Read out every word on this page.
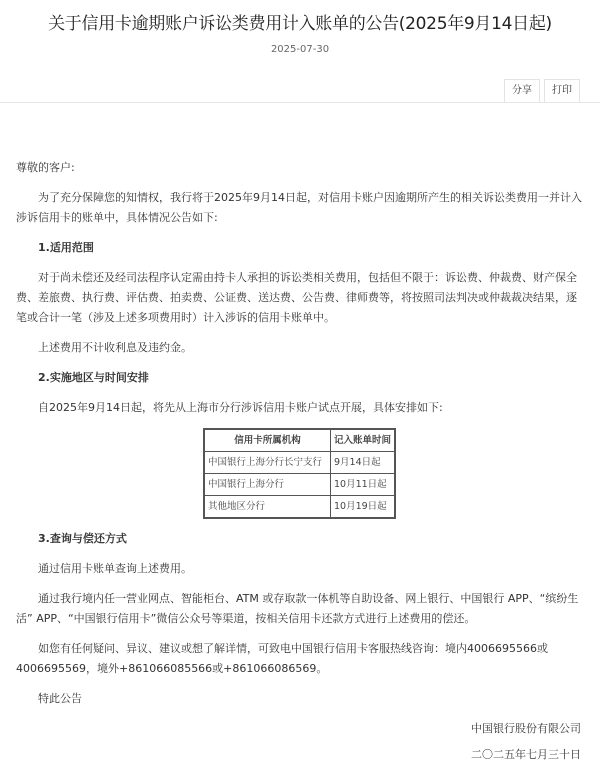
关于信用卡逾期账户诉讼类费用计入账单的公告(2025年9月14日起)
2025-07-30
分享	打印

尊敬的客户:

为了充分保障您的知情权，我行将于2025年9月14日起，对信用卡账户因逾期所产生的相关诉讼类费用一并计入涉诉信用卡的账单中，具体情况公告如下:

1.适用范围

对于尚未偿还及经司法程序认定需由持卡人承担的诉讼类相关费用，包括但不限于：诉讼费、仲裁费、财产保全费、差旅费、执行费、评估费、拍卖费、公证费、送达费、公告费、律师费等，将按照司法判决或仲裁裁决结果，逐笔或合计一笔（涉及上述多项费用时）计入涉诉的信用卡账单中。

上述费用不计收利息及违约金。

2.实施地区与时间安排

自2025年9月14日起，将先从上海市分行涉诉信用卡账户试点开展，具体安排如下:

信用卡所属机构	记入账单时间
中国银行上海分行长宁支行	9月14日起
中国银行上海分行	10月11日起
其他地区分行	10月19日起

3.查询与偿还方式

通过信用卡账单查询上述费用。

通过我行境内任一营业网点、智能柜台、ATM 或存取款一体机等自助设备、网上银行、中国银行 APP、“缤纷生活” APP、“中国银行信用卡”微信公众号等渠道，按相关信用卡还款方式进行上述费用的偿还。

如您有任何疑问、异议、建议或想了解详情，可致电中国银行信用卡客服热线咨询：境内4006695566或4006695569，境外+861066085566或+861066086569。

特此公告

中国银行股份有限公司

二〇二五年七月三十日
